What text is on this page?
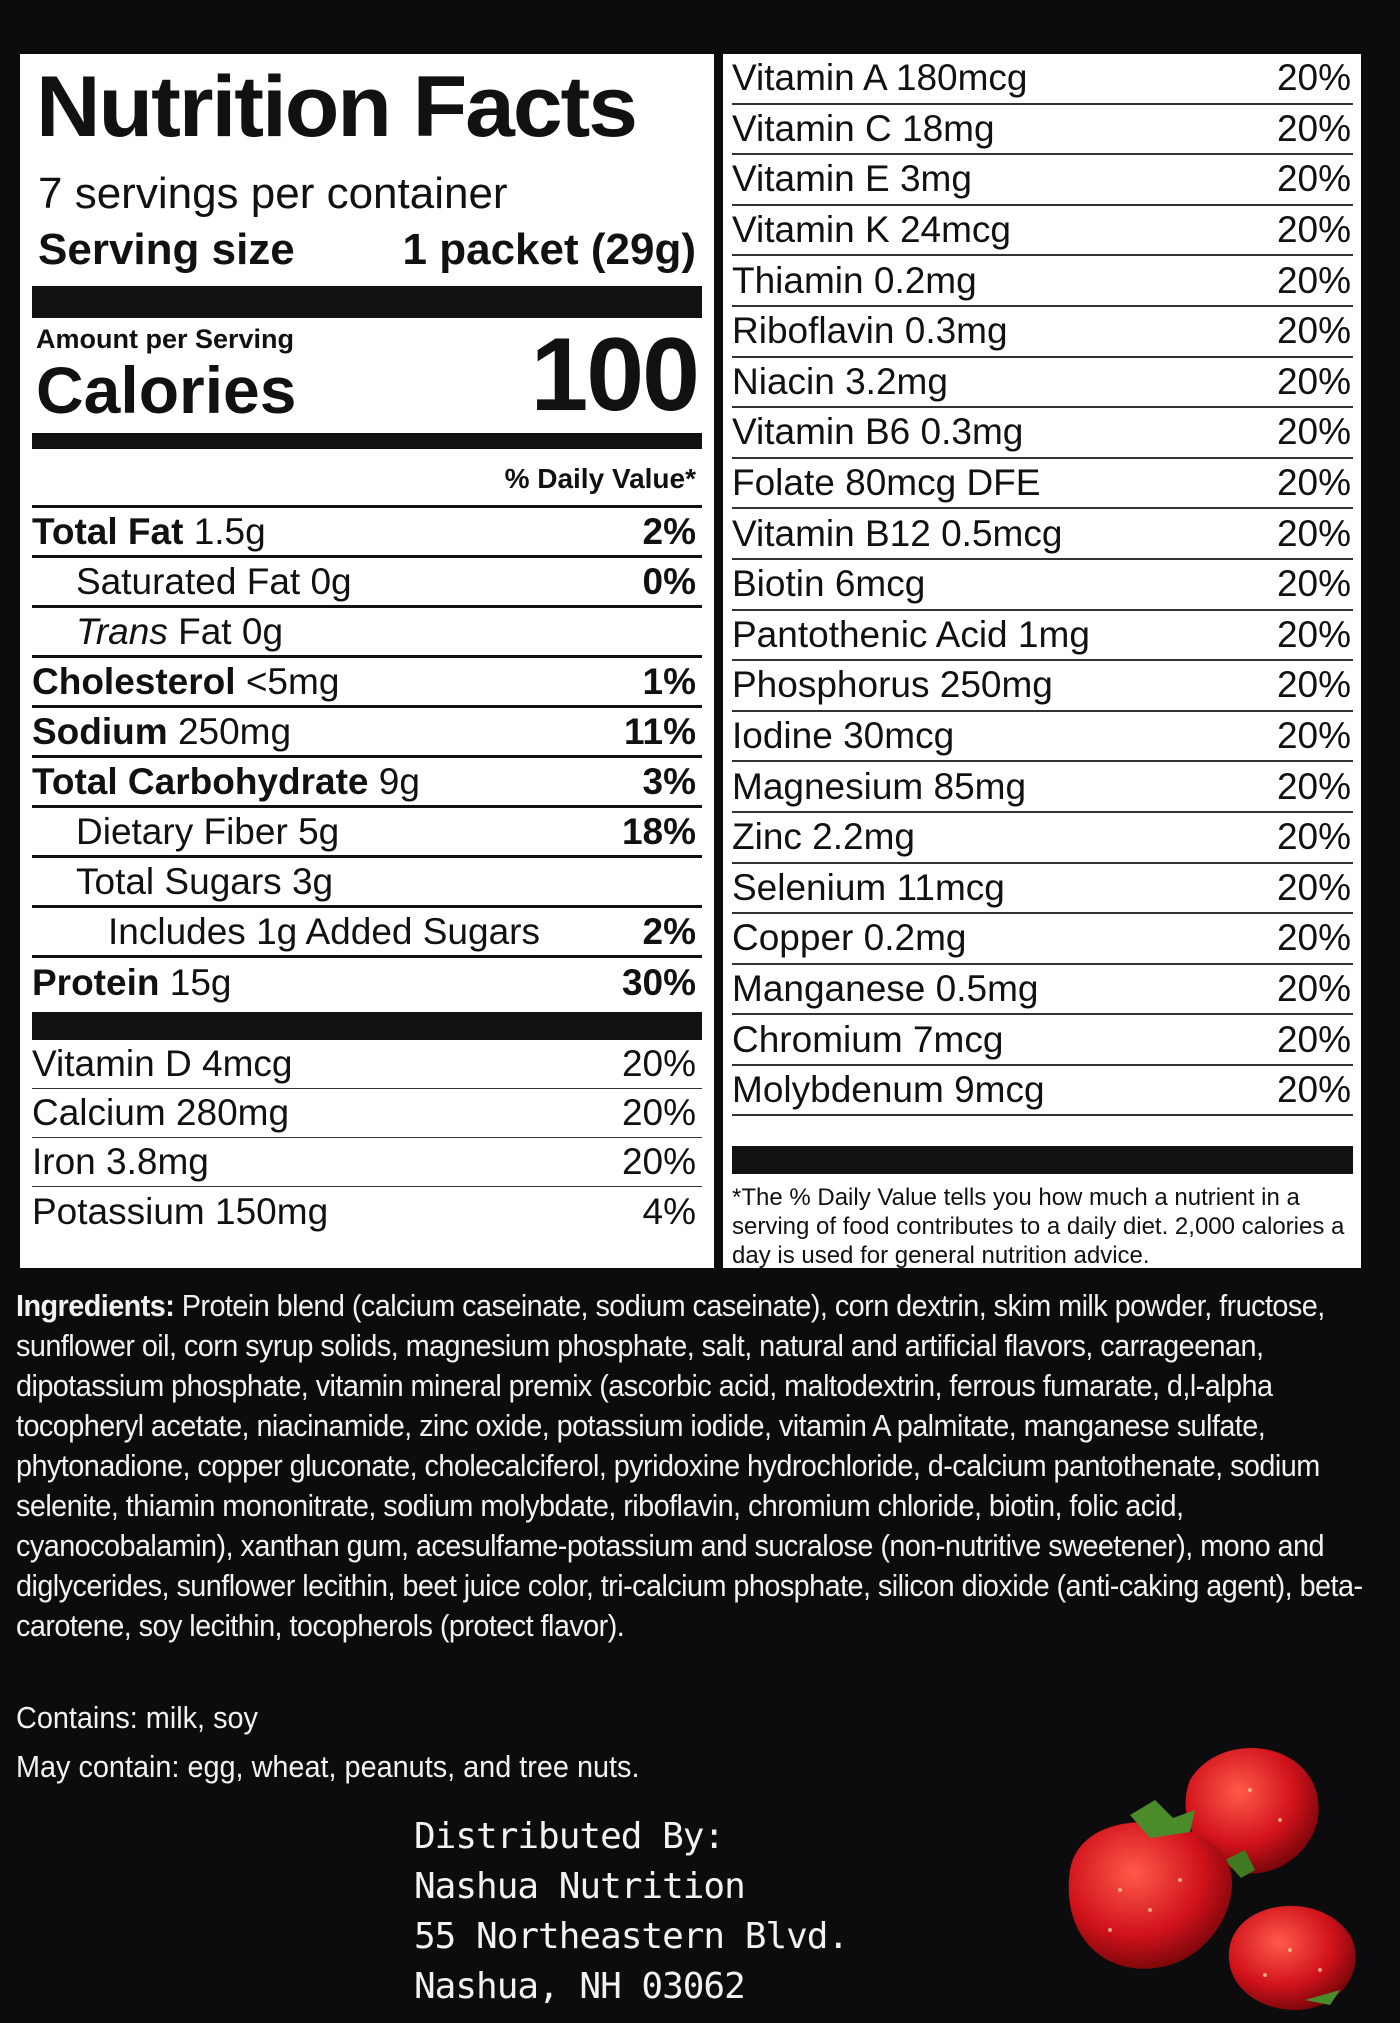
Nutrition Facts
7 servings per container
Serving size 1 packet (29g)
Amount per Serving
Calories 100
% Daily Value*
Total Fat 1.5g	2%
Saturated Fat 0g	0%
Trans Fat 0g
Cholesterol <5mg	1%
Sodium 250mg	11%
Total Carbohydrate 9g	3%
Dietary Fiber 5g	18%
Total Sugars 3g
Includes 1g Added Sugars	2%
Protein 15g	30%
Vitamin D 4mcg	20%
Calcium 280mg	20%
Iron 3.8mg	20%
Potassium 150mg	4%
Vitamin A 180mcg	20%
Vitamin C 18mg	20%
Vitamin E 3mg	20%
Vitamin K 24mcg	20%
Thiamin 0.2mg	20%
Riboflavin 0.3mg	20%
Niacin 3.2mg	20%
Vitamin B6 0.3mg	20%
Folate 80mcg DFE	20%
Vitamin B12 0.5mcg	20%
Biotin 6mcg	20%
Pantothenic Acid 1mg	20%
Phosphorus 250mg	20%
Iodine 30mcg	20%
Magnesium 85mg	20%
Zinc 2.2mg	20%
Selenium 11mcg	20%
Copper 0.2mg	20%
Manganese 0.5mg	20%
Chromium 7mcg	20%
Molybdenum 9mcg	20%
*The % Daily Value tells you how much a nutrient in a serving of food contributes to a daily diet. 2,000 calories a day is used for general nutrition advice.
Ingredients: Protein blend (calcium caseinate, sodium caseinate), corn dextrin, skim milk powder, fructose, sunflower oil, corn syrup solids, magnesium phosphate, salt, natural and artificial flavors, carrageenan, dipotassium phosphate, vitamin mineral premix (ascorbic acid, maltodextrin, ferrous fumarate, d,l-alpha tocopheryl acetate, niacinamide, zinc oxide, potassium iodide, vitamin A palmitate, manganese sulfate, phytonadione, copper gluconate, cholecalciferol, pyridoxine hydrochloride, d-calcium pantothenate, sodium selenite, thiamin mononitrate, sodium molybdate, riboflavin, chromium chloride, biotin, folic acid, cyanocobalamin), xanthan gum, acesulfame-potassium and sucralose (non-nutritive sweetener), mono and diglycerides, sunflower lecithin, beet juice color, tri-calcium phosphate, silicon dioxide (anti-caking agent), beta-carotene, soy lecithin, tocopherols (protect flavor).
Contains: milk, soy
May contain: egg, wheat, peanuts, and tree nuts.
Distributed By:
Nashua Nutrition
55 Northeastern Blvd.
Nashua, NH 03062
